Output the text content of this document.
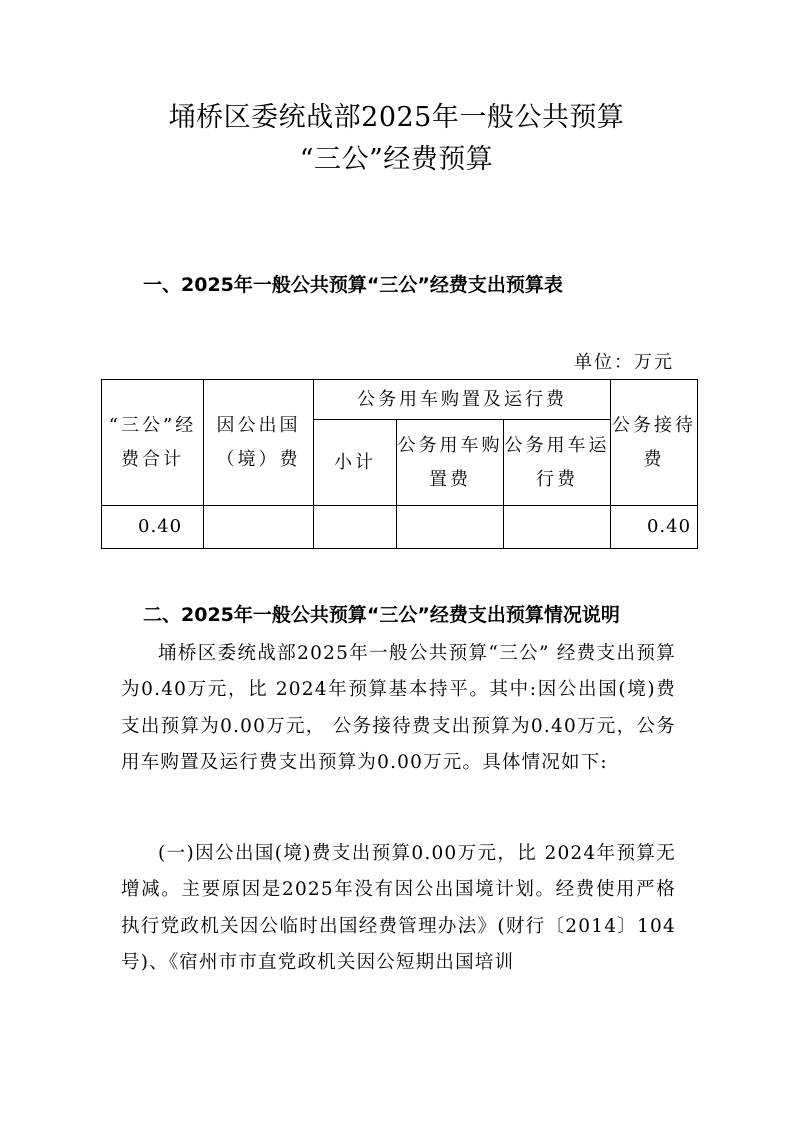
埇桥区委统战部2025年一般公共预算
“三公”经费预算
一、2025年一般公共预算“三公”经费支出预算表
单位：万元
“三公”经费合计	因公出国（境）费	公务用车购置及运行费			公务接待费
		小计	公务用车购置费	公务用车运行费	
0.40					0.40
二、2025年一般公共预算“三公”经费支出预算情况说明
埇桥区委统战部2025年一般公共预算“三公” 经费支出预算为0.40万元，比 2024年预算基本持平。其中:因公出国(境)费支出预算为0.00万元， 公务接待费支出预算为0.40万元，公务用车购置及运行费支出预算为0.00万元。具体情况如下:
(一)因公出国(境)费支出预算0.00万元，比 2024年预算无增减。主要原因是2025年没有因公出国境计划。经费使用严格执行党政机关因公临时出国经费管理办法》(财行〔2014〕104号)、《宿州市市直党政机关因公短期出国培训
